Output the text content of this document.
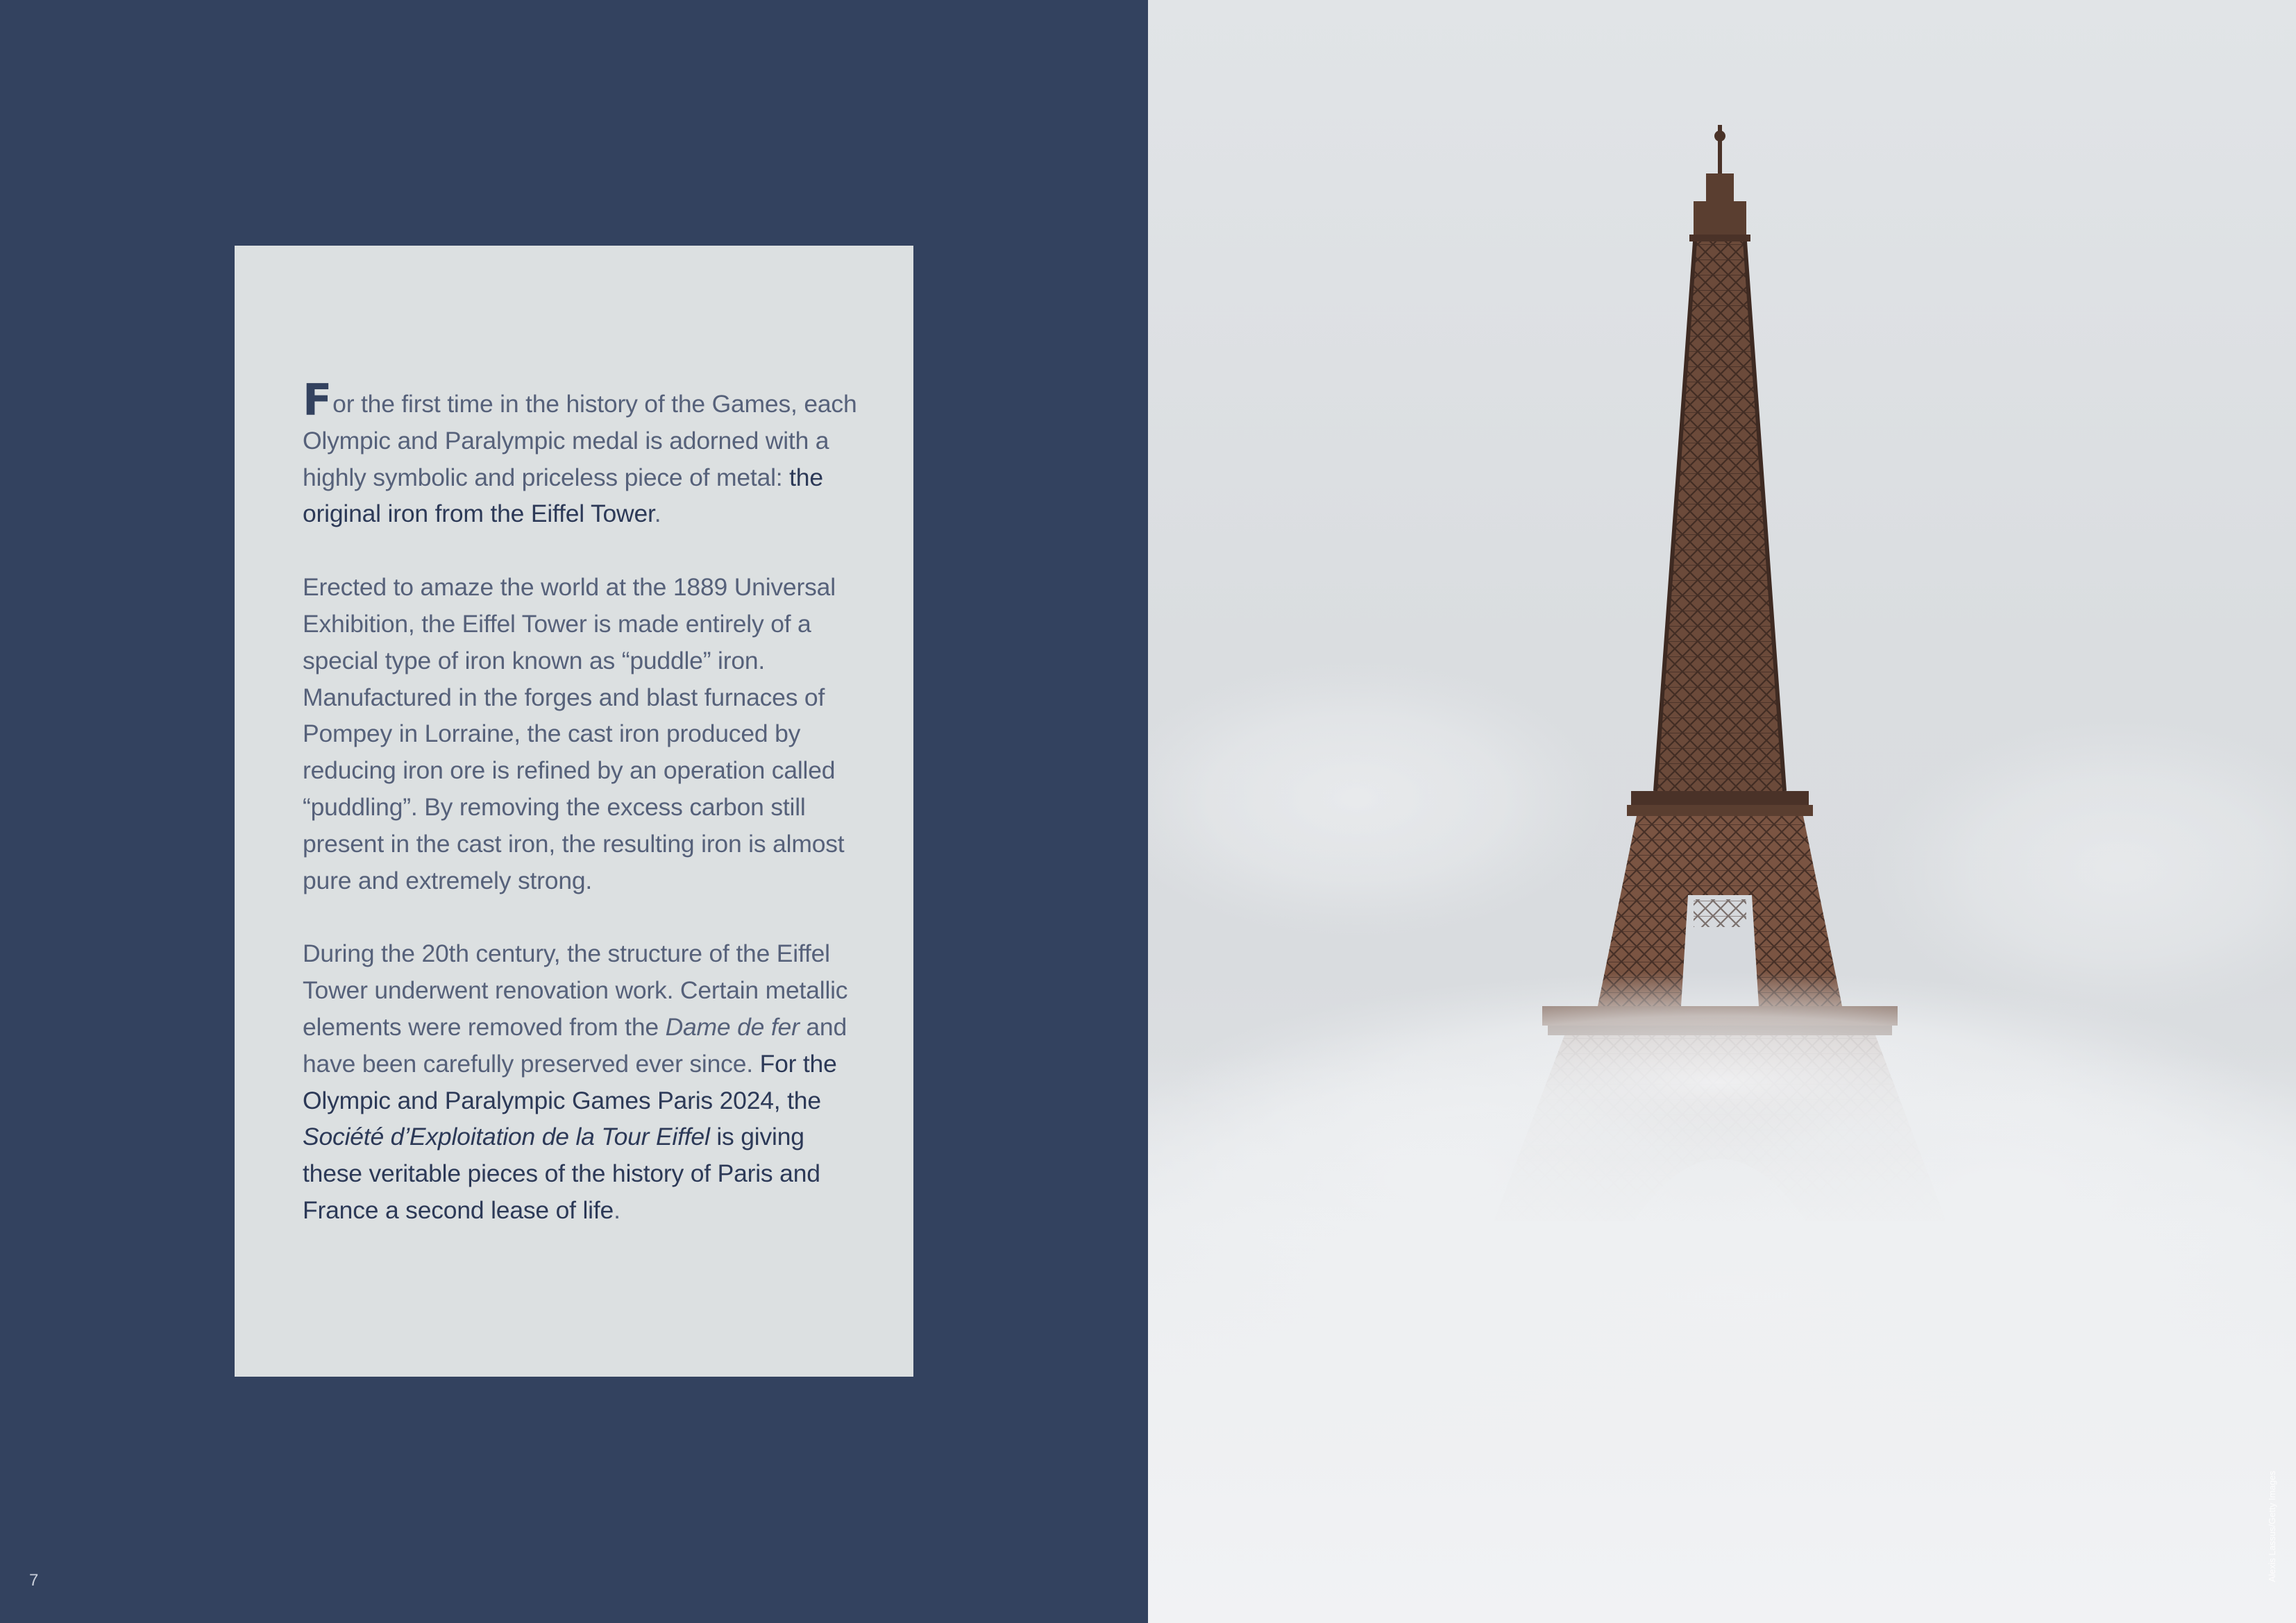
For the first time in the history of the Games, each Olympic and Paralympic medal is adorned with a highly symbolic and priceless piece of metal: the original iron from the Eiffel Tower.

Erected to amaze the world at the 1889 Universal Exhibition, the Eiffel Tower is made entirely of a special type of iron known as “puddle” iron. Manufactured in the forges and blast furnaces of Pompey in Lorraine, the cast iron produced by reducing iron ore is refined by an operation called “puddling”. By removing the excess carbon still present in the cast iron, the resulting iron is almost pure and extremely strong.

During the 20th century, the structure of the Eiffel Tower underwent renovation work. Certain metallic elements were removed from the Dame de fer and have been carefully preserved ever since. For the Olympic and Paralympic Games Paris 2024, the Société d’Exploitation de la Tour Eiffel is giving these veritable pieces of the history of Paris and France a second lease of life.

7	Alexis Lassus/Getty Images
